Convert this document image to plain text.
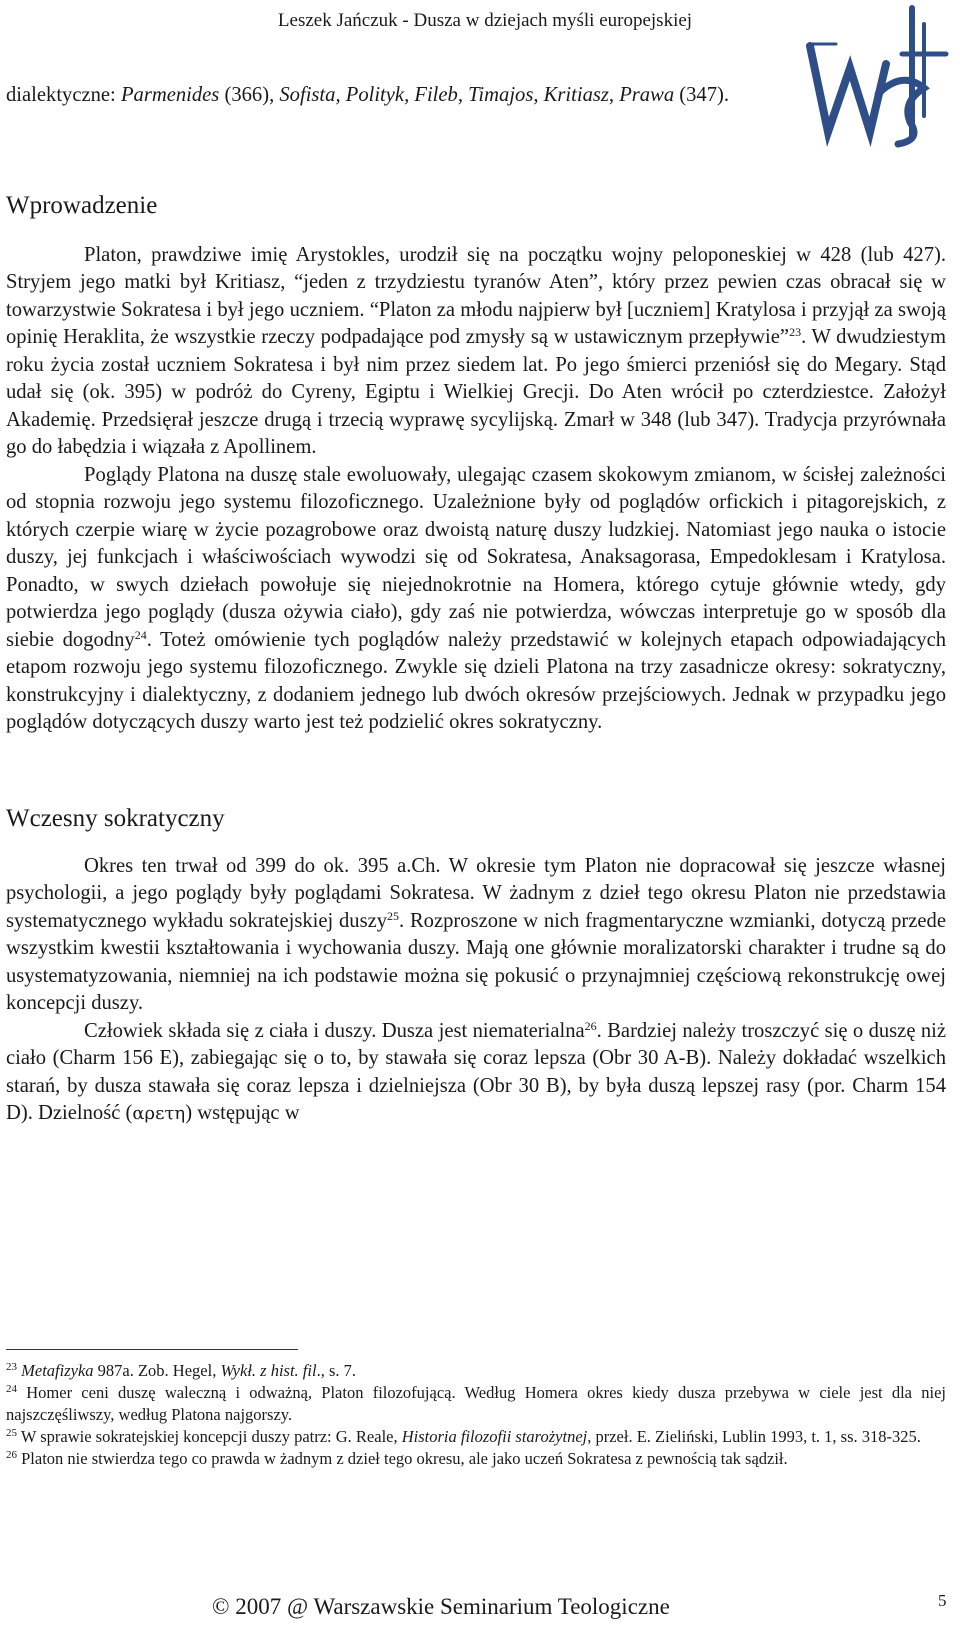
Leszek Jańczuk - Dusza w dziejach myśli europejskiej

dialektyczne: Parmenides (366), Sofista, Polityk, Fileb, Timajos, Kritiasz, Prawa (347).

Wprowadzenie

Platon, prawdziwe imię Arystokles, urodził się na początku wojny peloponeskiej w 428 (lub 427). Stryjem jego matki był Kritiasz, “jeden z trzydziestu tyranów Aten”, który przez pewien czas obracał się w towarzystwie Sokratesa i był jego uczniem. “Platon za młodu najpierw był [uczniem] Kratylosa i przyjął za swoją opinię Heraklita, że wszystkie rzeczy podpadające pod zmysły są w ustawicznym przepływie”$^{23}$. W dwudziestym roku życia został uczniem Sokratesa i był nim przez siedem lat. Po jego śmierci przeniósł się do Megary. Stąd udał się (ok. 395) w podróż do Cyreny, Egiptu i Wielkiej Grecji. Do Aten wrócił po czterdziestce. Założył Akademię. Przedsięrał jeszcze drugą i trzecią wyprawę sycylijską. Zmarł w 348 (lub 347). Tradycja przyrównała go do łabędzia i wiązała z Apollinem.

Poglądy Platona na duszę stale ewoluowały, ulegając czasem skokowym zmianom, w ścisłej zależności od stopnia rozwoju jego systemu filozoficznego. Uzależnione były od poglądów orfickich i pitagorejskich, z których czerpie wiarę w życie pozagrobowe oraz dwoistą naturę duszy ludzkiej. Natomiast jego nauka o istocie duszy, jej funkcjach i właściwościach wywodzi się od Sokratesa, Anaksagorasa, Empedoklesam i Kratylosa. Ponadto, w swych dziełach powołuje się niejednokrotnie na Homera, którego cytuje głównie wtedy, gdy potwierdza jego poglądy (dusza ożywia ciało), gdy zaś nie potwierdza, wówczas interpretuje go w sposób dla siebie dogodny$^{24}$. Toteż omówienie tych poglądów należy przedstawić w kolejnych etapach odpowiadających etapom rozwoju jego systemu filozoficznego. Zwykle się dzieli Platona na trzy zasadnicze okresy: sokratyczny, konstrukcyjny i dialektyczny, z dodaniem jednego lub dwóch okresów przejściowych. Jednak w przypadku jego poglądów dotyczących duszy warto jest też podzielić okres sokratyczny.

Wczesny sokratyczny

Okres ten trwał od 399 do ok. 395 a.Ch. W okresie tym Platon nie dopracował się jeszcze własnej psychologii, a jego poglądy były poglądami Sokratesa. W żadnym z dzieł tego okresu Platon nie przedstawia systematycznego wykładu sokratejskiej duszy$^{25}$. Rozproszone w nich fragmentaryczne wzmianki, dotyczą przede wszystkim kwestii kształtowania i wychowania duszy. Mają one głównie moralizatorski charakter i trudne są do usystematyzowania, niemniej na ich podstawie można się pokusić o przynajmniej częściową rekonstrukcję owej koncepcji duszy.

Człowiek składa się z ciała i duszy. Dusza jest niematerialna$^{26}$. Bardziej należy troszczyć się o duszę niż ciało (Charm 156 E), zabiegając się o to, by stawała się coraz lepsza (Obr 30 A-B). Należy dokładać wszelkich starań, by dusza stawała się coraz lepsza i dzielniejsza (Obr 30 B), by była duszą lepszej rasy (por. Charm 154 D). Dzielność (αρετη) wstępując w

$^{23}$ Metafizyka 987a. Zob. Hegel, Wykł. z hist. fil., s. 7.

$^{24}$ Homer ceni duszę waleczną i odważną, Platon filozofującą. Według Homera okres kiedy dusza przebywa w ciele jest dla niej najszczęśliwszy, według Platona najgorszy.

$^{25}$ W sprawie sokratejskiej koncepcji duszy patrz: G. Reale, Historia filozofii starożytnej, przeł. E. Zieliński, Lublin 1993, t. 1, ss. 318-325.

$^{26}$ Platon nie stwierdza tego co prawda w żadnym z dzieł tego okresu, ale jako uczeń Sokratesa z pewnością tak sądził.

© 2007 @ Warszawskie Seminarium Teologiczne	5
